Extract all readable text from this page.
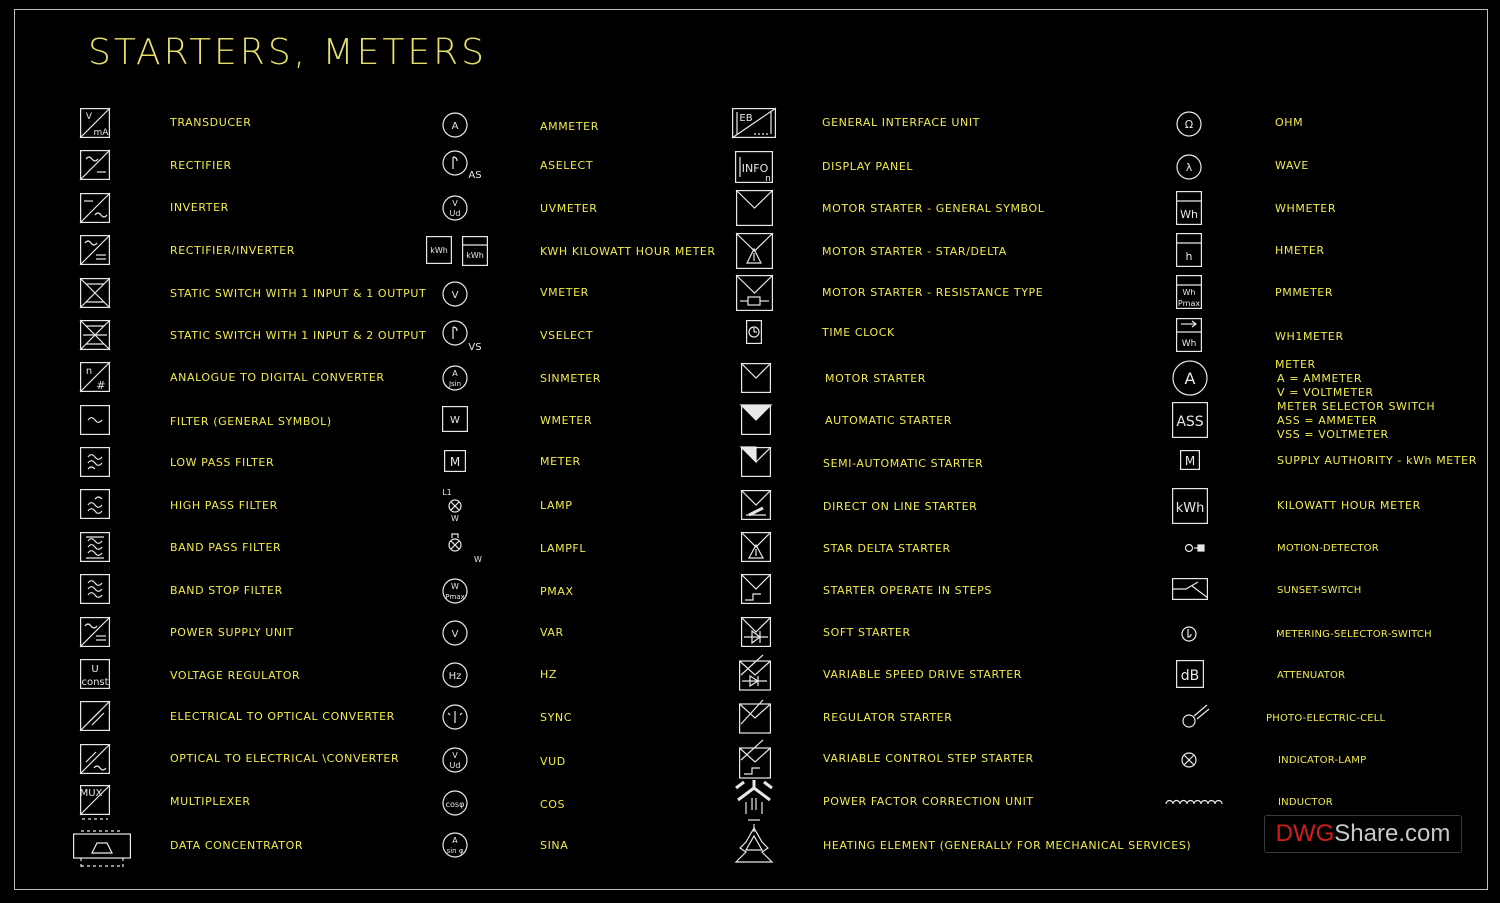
STARTERS, METERS
TRANSDUCER
RECTIFIER
INVERTER
RECTIFIER/INVERTER
STATIC SWITCH WITH 1 INPUT & 1 OUTPUT
STATIC SWITCH WITH 1 INPUT & 2 OUTPUT
ANALOGUE TO DIGITAL CONVERTER
FILTER (GENERAL SYMBOL)
LOW PASS FILTER
HIGH PASS FILTER
BAND PASS FILTER
BAND STOP FILTER
POWER SUPPLY UNIT
VOLTAGE REGULATOR
ELECTRICAL TO OPTICAL CONVERTER
OPTICAL TO ELECTRICAL \CONVERTER
MULTIPLEXER
DATA CONCENTRATOR
AMMETER
ASELECT
UVMETER
KWH KILOWATT HOUR METER
VMETER
VSELECT
SINMETER
WMETER
METER
LAMP
LAMPFL
PMAX
VAR
HZ
SYNC
VUD
COS
SINA
GENERAL INTERFACE UNIT
DISPLAY PANEL
MOTOR STARTER - GENERAL SYMBOL
MOTOR STARTER - STAR/DELTA
MOTOR STARTER - RESISTANCE TYPE
TIME CLOCK
MOTOR STARTER
AUTOMATIC STARTER
SEMI-AUTOMATIC STARTER
DIRECT ON LINE STARTER
STAR DELTA STARTER
STARTER OPERATE IN STEPS
SOFT STARTER
VARIABLE SPEED DRIVE STARTER
REGULATOR STARTER
VARIABLE CONTROL STEP STARTER
POWER FACTOR CORRECTION UNIT
HEATING ELEMENT (GENERALLY FOR MECHANICAL SERVICES)
OHM
WAVE
WHMETER
HMETER
PMMETER
WH1METER
SUPPLY AUTHORITY - kWh METER
KILOWATT HOUR METER
MOTION-DETECTOR
SUNSET-SWITCH
METERING-SELECTOR-SWITCH
ATTENUATOR
PHOTO-ELECTRIC-CELL
INDICATOR-LAMP
INDUCTOR
METER
A = AMMETER
V = VOLTMETER
METER SELECTOR SWITCH
ASS = AMMETER
VSS = VOLTMETER
V
mA
n
#
U
const
MUX
A
AS
V
Ud
kWh
kWh
V
VS
A
Jsin
W
M
L1
W
W
W
Pmax
V
Hz
V
Ud
cosφ
A
sin φ
EB
INFO
n
Ω
λ
Wh
h
Wh
Pmax
Wh
A
ASS
M
kWh
dB
DWG Share.com
